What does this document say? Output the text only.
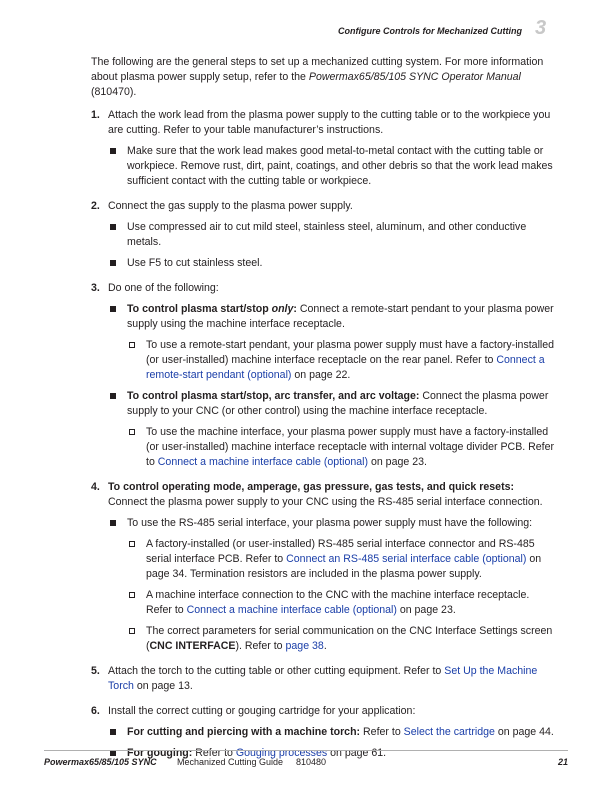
Configure Controls for Mechanized Cutting 3

The following are the general steps to set up a mechanized cutting system. For more information about plasma power supply setup, refer to the Powermax65/85/105 SYNC Operator Manual (810470).

1. Attach the work lead from the plasma power supply to the cutting table or to the workpiece you are cutting. Refer to your table manufacturer’s instructions.

Make sure that the work lead makes good metal-to-metal contact with the cutting table or workpiece. Remove rust, dirt, paint, coatings, and other debris so that the work lead makes sufficient contact with the cutting table or workpiece.

2. Connect the gas supply to the plasma power supply.

Use compressed air to cut mild steel, stainless steel, aluminum, and other conductive metals.

Use F5 to cut stainless steel.

3. Do one of the following:

To control plasma start/stop only: Connect a remote-start pendant to your plasma power supply using the machine interface receptacle.

To use a remote-start pendant, your plasma power supply must have a factory-installed (or user-installed) machine interface receptacle on the rear panel. Refer to Connect a remote-start pendant (optional) on page 22.

To control plasma start/stop, arc transfer, and arc voltage: Connect the plasma power supply to your CNC (or other control) using the machine interface receptacle.

To use the machine interface, your plasma power supply must have a factory-installed (or user-installed) machine interface receptacle with internal voltage divider PCB. Refer to Connect a machine interface cable (optional) on page 23.

4. To control operating mode, amperage, gas pressure, gas tests, and quick resets: Connect the plasma power supply to your CNC using the RS-485 serial interface connection.

To use the RS-485 serial interface, your plasma power supply must have the following:

A factory-installed (or user-installed) RS-485 serial interface connector and RS-485 serial interface PCB. Refer to Connect an RS-485 serial interface cable (optional) on page 34. Termination resistors are included in the plasma power supply.

A machine interface connection to the CNC with the machine interface receptacle. Refer to Connect a machine interface cable (optional) on page 23.

The correct parameters for serial communication on the CNC Interface Settings screen (CNC INTERFACE). Refer to page 38.

5. Attach the torch to the cutting table or other cutting equipment. Refer to Set Up the Machine Torch on page 13.

6. Install the correct cutting or gouging cartridge for your application:

For cutting and piercing with a machine torch: Refer to Select the cartridge on page 44.

For gouging: Refer to Gouging processes on page 61.

Powermax65/85/105 SYNC Mechanized Cutting Guide 810480	21
